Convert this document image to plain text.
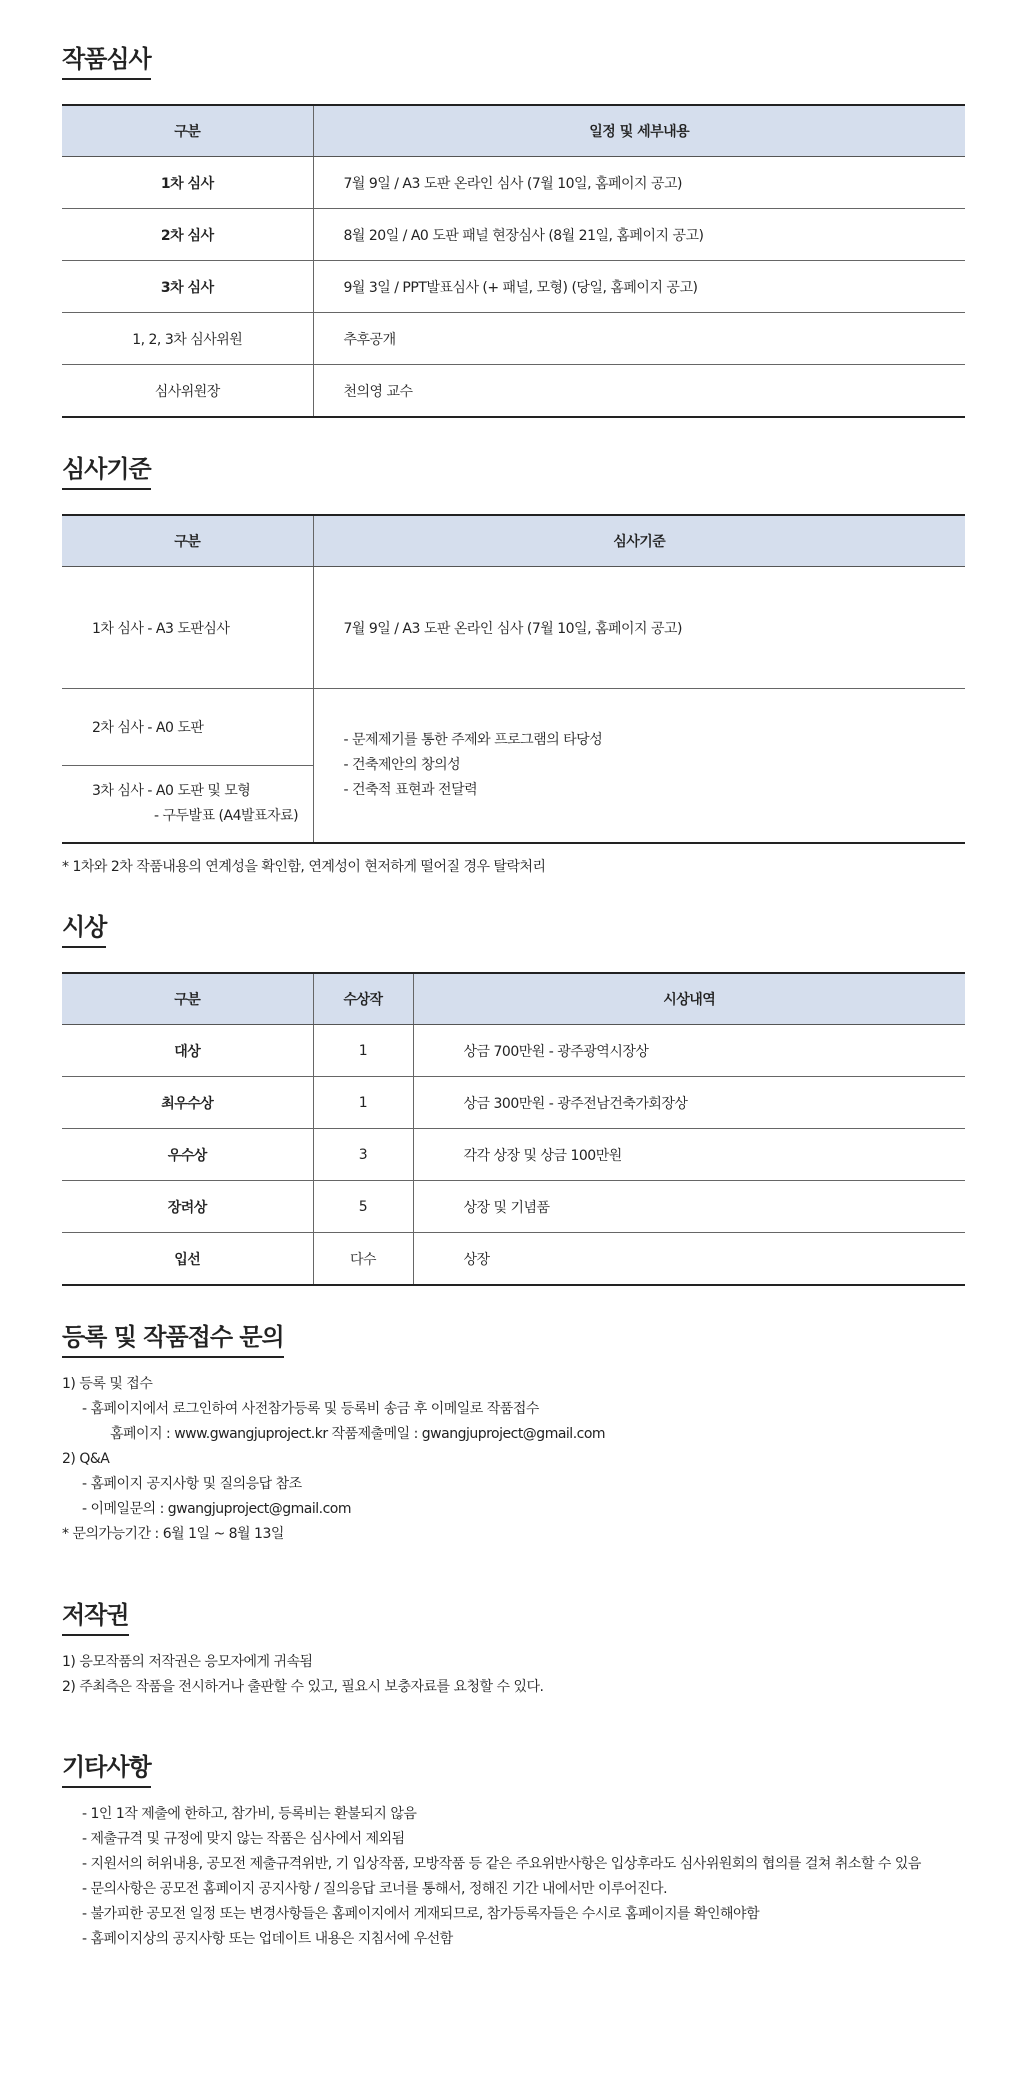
작품심사
구분	일정 및 세부내용
1차 심사	7월 9일 / A3 도판 온라인 심사 (7월 10일, 홈페이지 공고)
2차 심사	8월 20일 / A0 도판 패널 현장심사 (8월 21일, 홈페이지 공고)
3차 심사	9월 3일 / PPT발표심사 (+ 패널, 모형) (당일, 홈페이지 공고)
1, 2, 3차 심사위원	추후공개
심사위원장	천의영 교수
심사기준
구분	심사기준
1차 심사 - A3 도판심사	7월 9일 / A3 도판 온라인 심사 (7월 10일, 홈페이지 공고)
2차 심사 - A0 도판	- 문제제기를 통한 주제와 프로그램의 타당성
- 건축제안의 창의성
- 건축적 표현과 전달력

3차 심사 - A0 도판 및 모형
- 구두발표 (A4발표자료)	
* 1차와 2차 작품내용의 연계성을 확인함, 연계성이 현저하게 떨어질 경우 탈락처리
시상
구분	수상작	시상내역
대상	1	상금 700만원 - 광주광역시장상
최우수상	1	상금 300만원 - 광주전남건축가회장상
우수상	3	각각 상장 및 상금 100만원
장려상	5	상장 및 기념품
입선	다수	상장
등록 및 작품접수 문의
1) 등록 및 접수
- 홈페이지에서 로그인하여 사전참가등록 및 등록비 송금 후 이메일로 작품접수
홈페이지 : www.gwangjuproject.kr 작품제출메일 : gwangjuproject@gmail.com
2) Q&A
- 홈페이지 공지사항 및 질의응답 참조
- 이메일문의 : gwangjuproject@gmail.com
* 문의가능기간 : 6월 1일 ~ 8월 13일
저작권
1) 응모작품의 저작권은 응모자에게 귀속됨
2) 주최측은 작품을 전시하거나 출판할 수 있고, 필요시 보충자료를 요청할 수 있다.
기타사항
- 1인 1작 제출에 한하고, 참가비, 등록비는 환불되지 않음
- 제출규격 및 규정에 맞지 않는 작품은 심사에서 제외됨
- 지원서의 허위내용, 공모전 제출규격위반, 기 입상작품, 모방작품 등 같은 주요위반사항은 입상후라도 심사위원회의 협의를 걸쳐 취소할 수 있음
- 문의사항은 공모전 홈페이지 공지사항 / 질의응답 코너를 통해서, 정해진 기간 내에서만 이루어진다.
- 불가피한 공모전 일정 또는 변경사항들은 홈페이지에서 게재되므로, 참가등록자들은 수시로 홈페이지를 확인해야함
- 홈페이지상의 공지사항 또는 업데이트 내용은 지침서에 우선함
